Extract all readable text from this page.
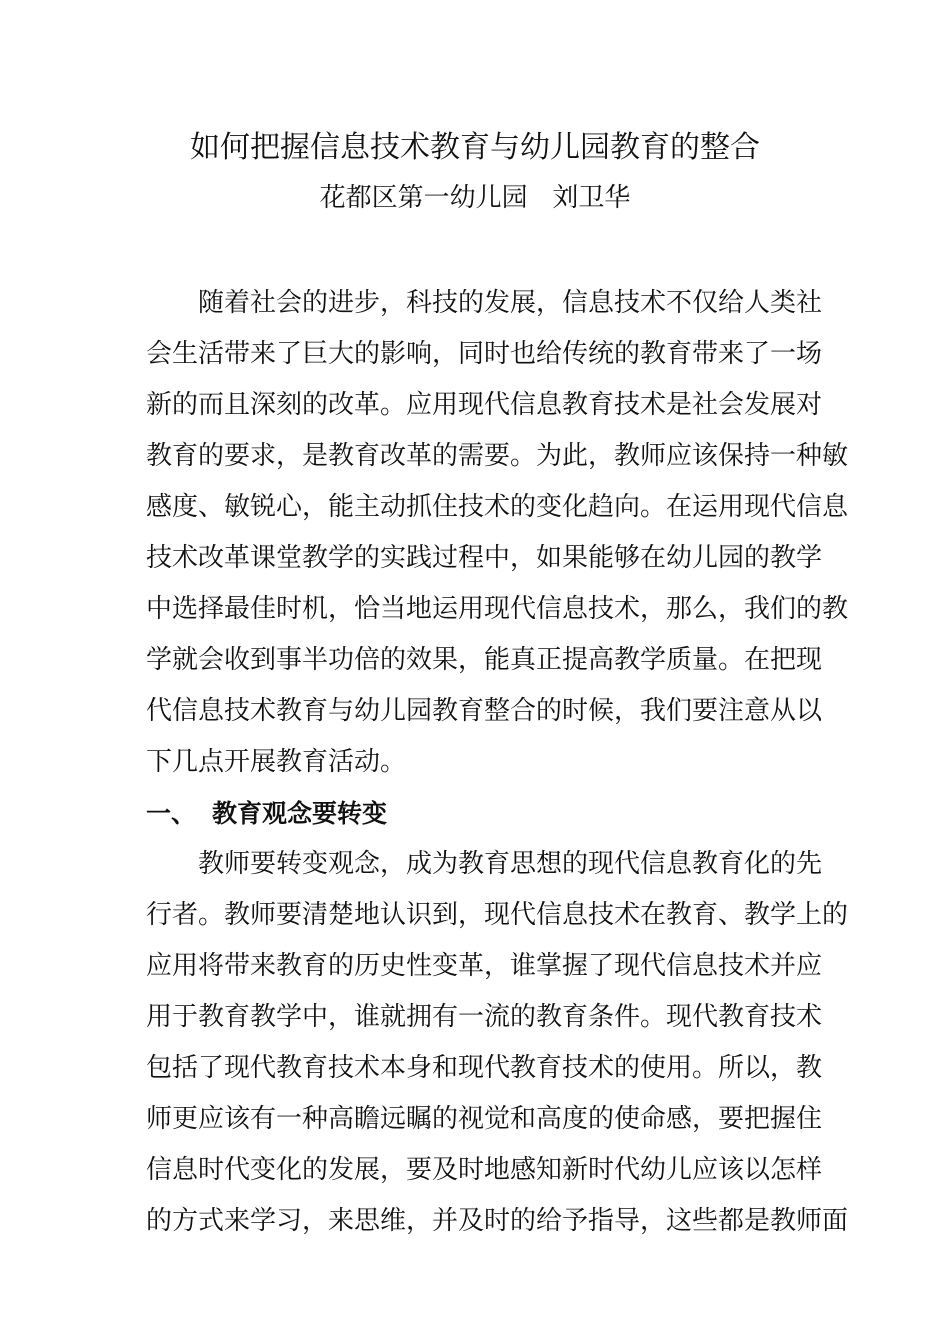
如何把握信息技术教育与幼儿园教育的整合
花都区第一幼儿园   刘卫华
随着社会的进步，科技的发展，信息技术不仅给人类社
会生活带来了巨大的影响，同时也给传统的教育带来了一场
新的而且深刻的改革。应用现代信息教育技术是社会发展对
教育的要求，是教育改革的需要。为此，教师应该保持一种敏
感度、敏锐心，能主动抓住技术的变化趋向。在运用现代信息
技术改革课堂教学的实践过程中，如果能够在幼儿园的教学
中选择最佳时机，恰当地运用现代信息技术，那么，我们的教
学就会收到事半功倍的效果，能真正提高教学质量。在把现
代信息技术教育与幼儿园教育整合的时候，我们要注意从以
下几点开展教育活动。
一、 教育观念要转变
教师要转变观念，成为教育思想的现代信息教育化的先
行者。教师要清楚地认识到，现代信息技术在教育、教学上的
应用将带来教育的历史性变革，谁掌握了现代信息技术并应
用于教育教学中，谁就拥有一流的教育条件。现代教育技术
包括了现代教育技术本身和现代教育技术的使用。所以，教
师更应该有一种高瞻远瞩的视觉和高度的使命感，要把握住
信息时代变化的发展，要及时地感知新时代幼儿应该以怎样
的方式来学习，来思维，并及时的给予指导，这些都是教师面
